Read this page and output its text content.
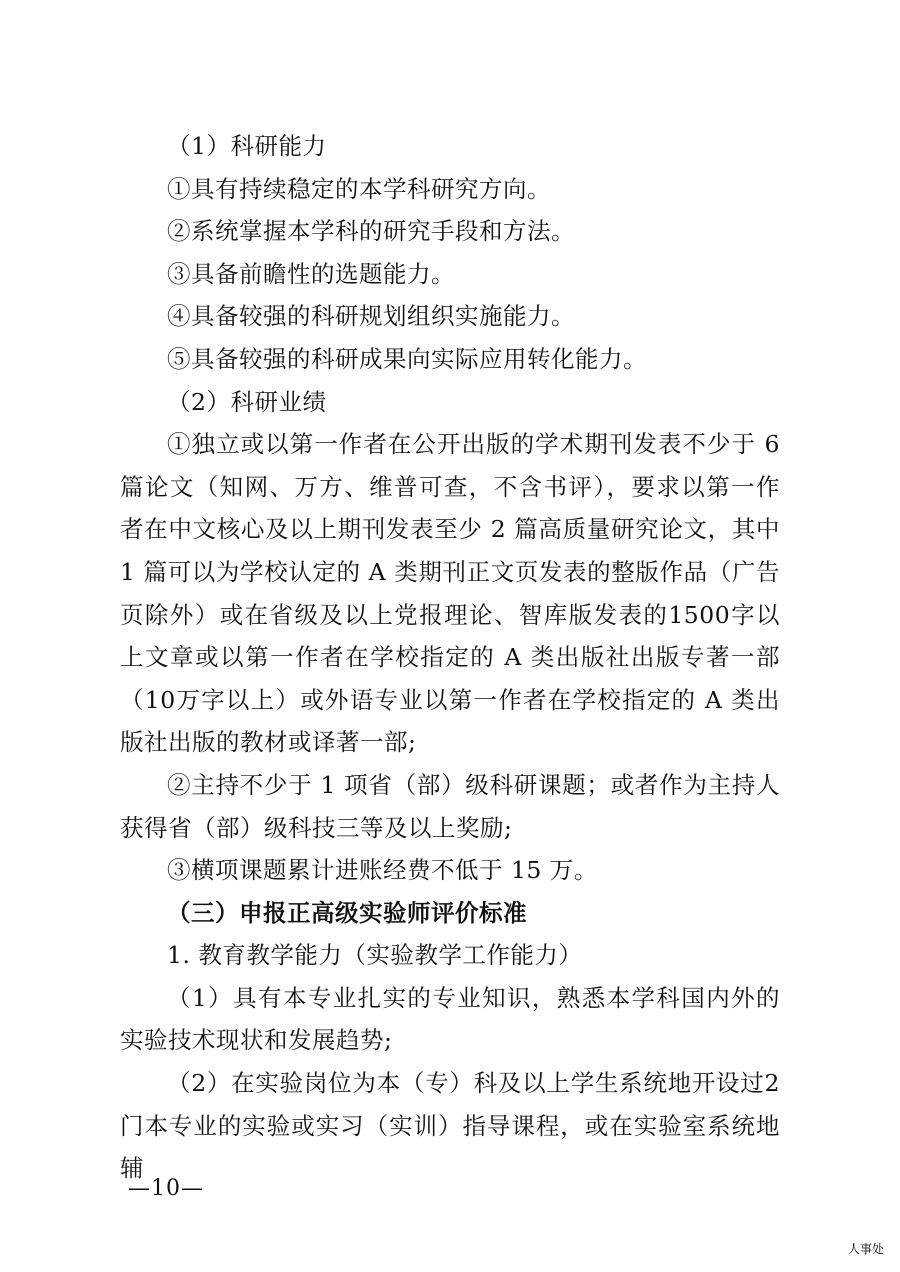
（1）科研能力

①具有持续稳定的本学科研究方向。

②系统掌握本学科的研究手段和方法。

③具备前瞻性的选题能力。

④具备较强的科研规划组织实施能力。

⑤具备较强的科研成果向实际应用转化能力。

（2）科研业绩

①独立或以第一作者在公开出版的学术期刊发表不少于 6 篇论文（知网、万方、维普可查，不含书评），要求以第一作者在中文核心及以上期刊发表至少 2 篇高质量研究论文，其中 1 篇可以为学校认定的 A 类期刊正文页发表的整版作品（广告页除外）或在省级及以上党报理论、智库版发表的1500字以上文章或以第一作者在学校指定的 A 类出版社出版专著一部（10万字以上）或外语专业以第一作者在学校指定的 A 类出版社出版的教材或译著一部;

②主持不少于 1 项省（部）级科研课题；或者作为主持人获得省（部）级科技三等及以上奖励;

③横项课题累计进账经费不低于 15 万。

（三）申报正高级实验师评价标准

1. 教育教学能力（实验教学工作能力）

（1）具有本专业扎实的专业知识，熟悉本学科国内外的实验技术现状和发展趋势;

（2）在实验岗位为本（专）科及以上学生系统地开设过2门本专业的实验或实习（实训）指导课程，或在实验室系统地辅

—10—
人事处
